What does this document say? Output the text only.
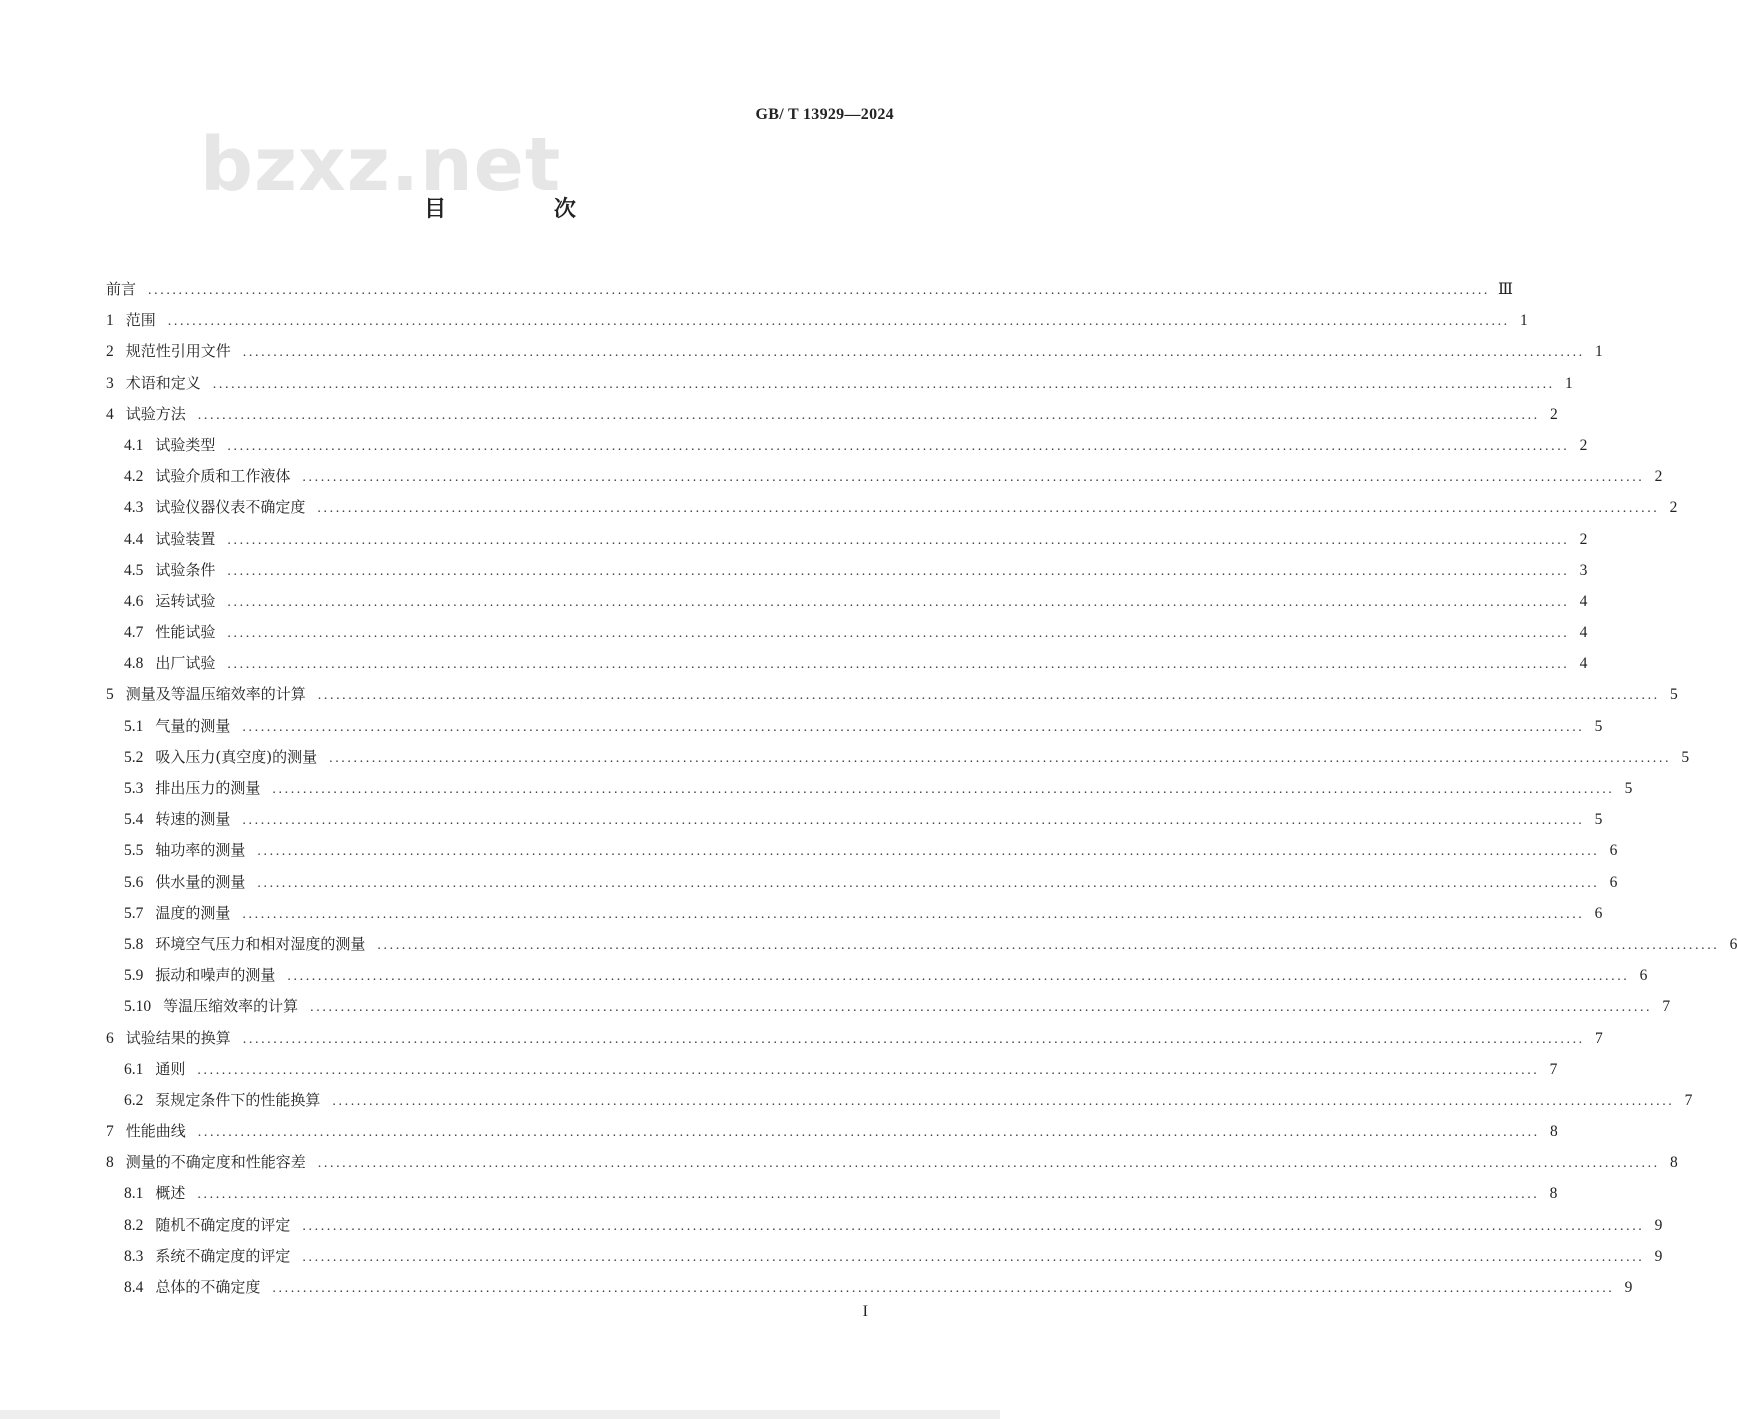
GB/ T 13929—2024
bzxz.net
目 次
前言 ............................................................................................................................................................................................................................ Ⅲ
1 范围 ............................................................................................................................................................................................................................ 1
2 规范性引用文件 ............................................................................................................................................................................................................................ 1
3 术语和定义 ............................................................................................................................................................................................................................ 1
4 试验方法 ............................................................................................................................................................................................................................ 2
4.1 试验类型 ............................................................................................................................................................................................................................ 2
4.2 试验介质和工作液体 ............................................................................................................................................................................................................................ 2
4.3 试验仪器仪表不确定度 ............................................................................................................................................................................................................................ 2
4.4 试验装置 ............................................................................................................................................................................................................................ 2
4.5 试验条件 ............................................................................................................................................................................................................................ 3
4.6 运转试验 ............................................................................................................................................................................................................................ 4
4.7 性能试验 ............................................................................................................................................................................................................................ 4
4.8 出厂试验 ............................................................................................................................................................................................................................ 4
5 测量及等温压缩效率的计算 ............................................................................................................................................................................................................................ 5
5.1 气量的测量 ............................................................................................................................................................................................................................ 5
5.2 吸入压力(真空度)的测量 ............................................................................................................................................................................................................................ 5
5.3 排出压力的测量 ............................................................................................................................................................................................................................ 5
5.4 转速的测量 ............................................................................................................................................................................................................................ 5
5.5 轴功率的测量 ............................................................................................................................................................................................................................ 6
5.6 供水量的测量 ............................................................................................................................................................................................................................ 6
5.7 温度的测量 ............................................................................................................................................................................................................................ 6
5.8 环境空气压力和相对湿度的测量 ............................................................................................................................................................................................................................ 6
5.9 振动和噪声的测量 ............................................................................................................................................................................................................................ 6
5.10 等温压缩效率的计算 ............................................................................................................................................................................................................................ 7
6 试验结果的换算 ............................................................................................................................................................................................................................ 7
6.1 通则 ............................................................................................................................................................................................................................ 7
6.2 泵规定条件下的性能换算 ............................................................................................................................................................................................................................ 7
7 性能曲线 ............................................................................................................................................................................................................................ 8
8 测量的不确定度和性能容差 ............................................................................................................................................................................................................................ 8
8.1 概述 ............................................................................................................................................................................................................................ 8
8.2 随机不确定度的评定 ............................................................................................................................................................................................................................ 9
8.3 系统不确定度的评定 ............................................................................................................................................................................................................................ 9
8.4 总体的不确定度 ............................................................................................................................................................................................................................ 9
I
